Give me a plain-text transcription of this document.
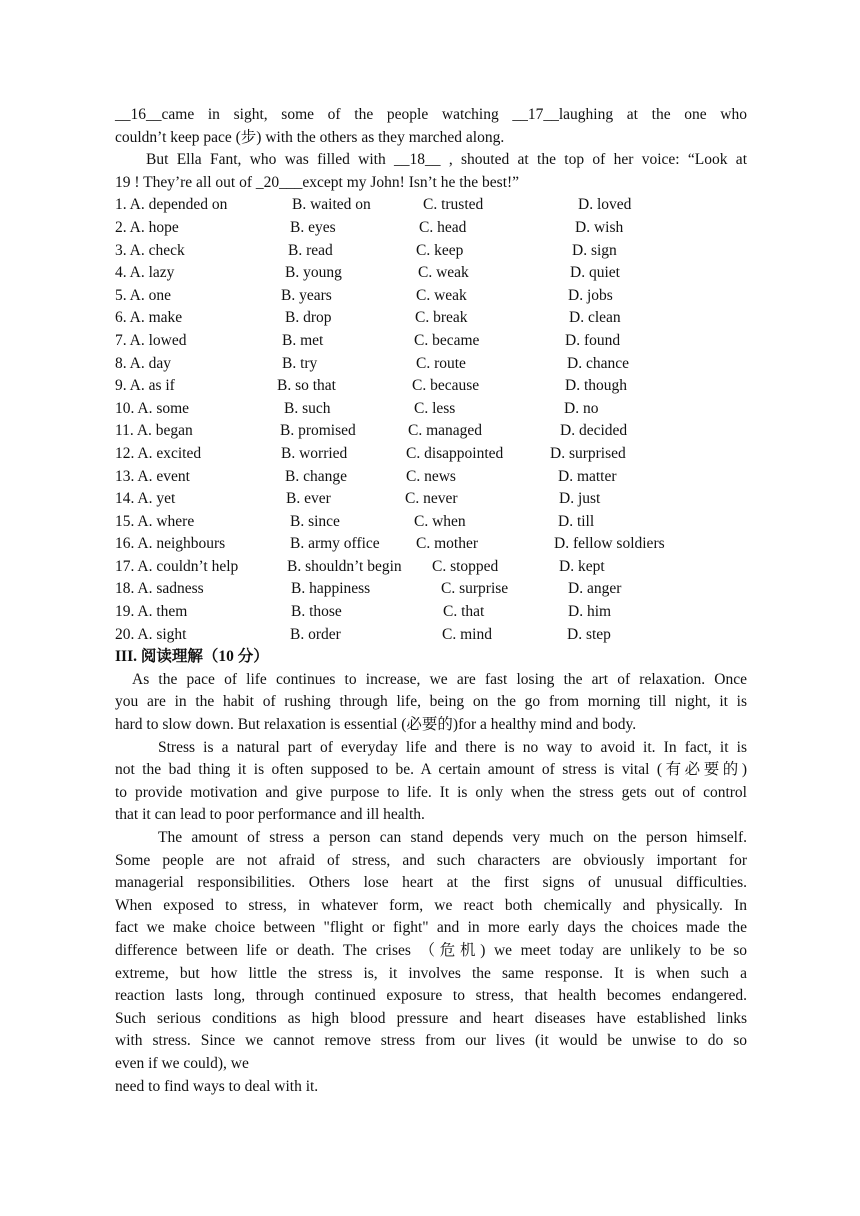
__16__came in sight, some of the people watching __17__laughing at the one who
couldn’t keep pace (步) with the others as they marched along.
But Ella Fant, who was filled with __18__ , shouted at the top of her voice: “Look at
19 ! They’re all out of _20___except my John! Isn’t he the best!”
1. A. depended on	B. waited on	C. trusted	D. loved
2. A. hope	B. eyes	C. head	D. wish
3. A. check	B. read	C. keep	D. sign
4. A. lazy	B. young	C. weak	D. quiet
5. A. one	B. years	C. weak	D. jobs
6. A. make	B. drop	C. break	D. clean
7. A. lowed	B. met	C. became	D. found
8. A. day	B. try	C. route	D. chance
9. A. as if	B. so that	C. because	D. though
10. A. some	B. such	C. less	D. no
11. A. began	B. promised	C. managed	D. decided
12. A. excited	B. worried	C. disappointed	D. surprised
13. A. event	B. change	C. news	D. matter
14. A. yet	B. ever	C. never	D. just
15. A. where	B. since	C. when	D. till
16. A. neighbours	B. army office C. mother	D. fellow soldiers
17. A. couldn’t help	B. shouldn’t begin C. stopped	D. kept
18. A. sadness	B. happiness	C. surprise	D. anger
19. A. them	B. those	C. that	D. him
20. A. sight	B. order	C. mind	D. step
III. 阅读理解（10 分）
As the pace of life continues to increase, we are fast losing the art of relaxation. Once
you are in the habit of rushing through life, being on the go from morning till night, it is
hard to slow down. But relaxation is essential (必要的)for a healthy mind and body.
Stress is a natural part of everyday life and there is no way to avoid it. In fact, it is
not the bad thing it is often supposed to be. A certain amount of stress is vital (有必要的)
to provide motivation and give purpose to life. It is only when the stress gets out of control
that it can lead to poor performance and ill health.
The amount of stress a person can stand depends very much on the person himself.
Some people are not afraid of stress, and such characters are obviously important for
managerial responsibilities. Others lose heart at the first signs of unusual difficulties.
When exposed to stress, in whatever form, we react both chemically and physically. In
fact we make choice between "flight or fight" and in more early days the choices made the
difference between life or death. The crises （危机) we meet today are unlikely to be so
extreme, but how little the stress is, it involves the same response. It is when such a
reaction lasts long, through continued exposure to stress, that health becomes endangered.
Such serious conditions as high blood pressure and heart diseases have established links
with stress. Since we cannot remove stress from our lives (it would be unwise to do so
even if we could), we
need to find ways to deal with it.
